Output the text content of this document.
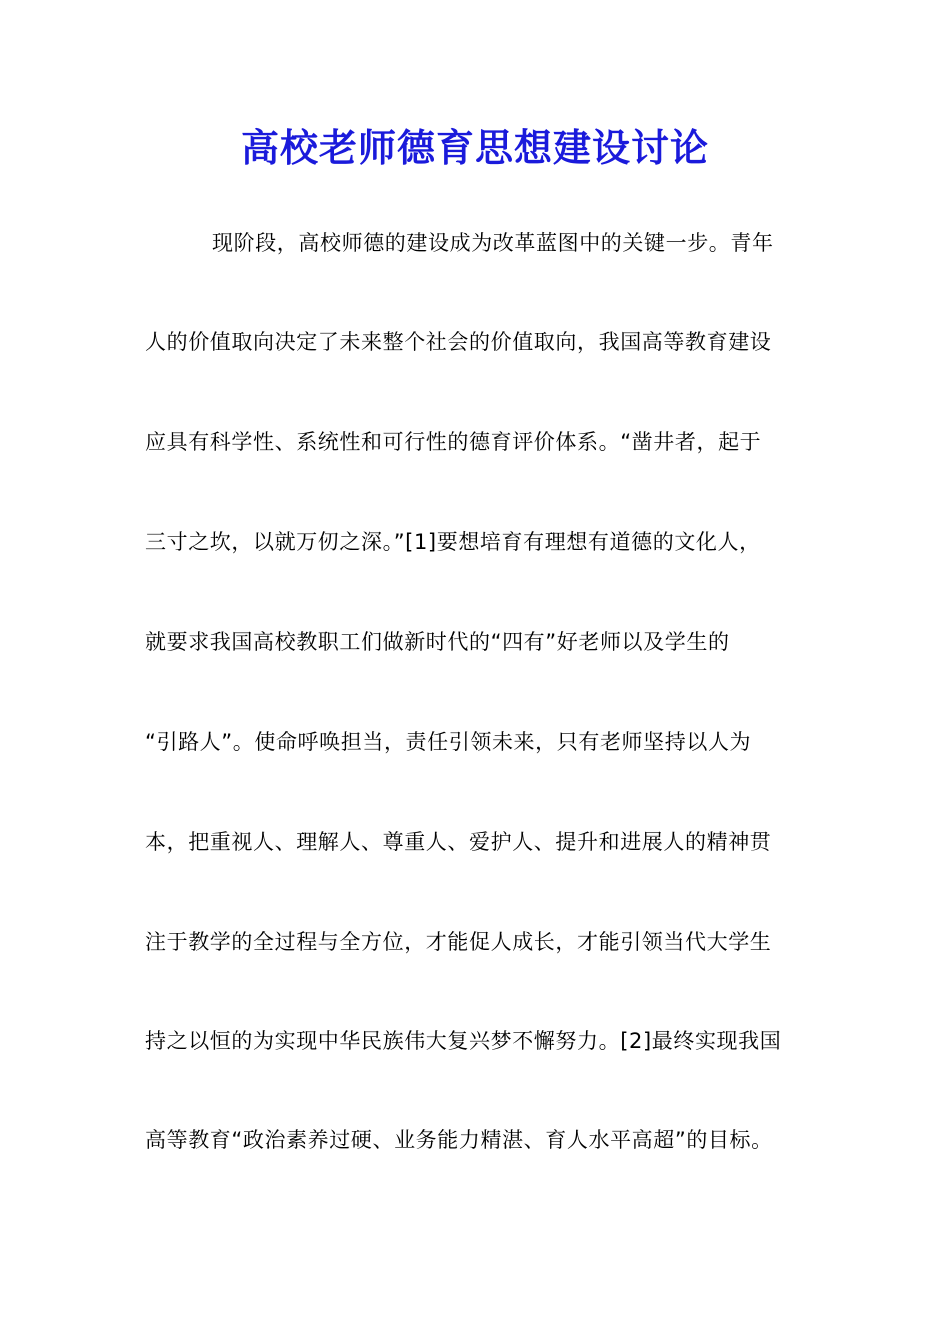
高校老师德育思想建设讨论
现阶段，高校师德的建设成为改革蓝图中的关键一步。青年
人的价值取向决定了未来整个社会的价值取向，我国高等教育建设
应具有科学性、系统性和可行性的德育评价体系。“凿井者，起于
三寸之坎，以就万仞之深。”[1]要想培育有理想有道德的文化人，
就要求我国高校教职工们做新时代的“四有”好老师以及学生的
“引路人”。使命呼唤担当，责任引领未来，只有老师坚持以人为
本，把重视人、理解人、尊重人、爱护人、提升和进展人的精神贯
注于教学的全过程与全方位，才能促人成长，才能引领当代大学生
持之以恒的为实现中华民族伟大复兴梦不懈努力。[2]最终实现我国
高等教育“政治素养过硬、业务能力精湛、育人水平高超”的目标。
